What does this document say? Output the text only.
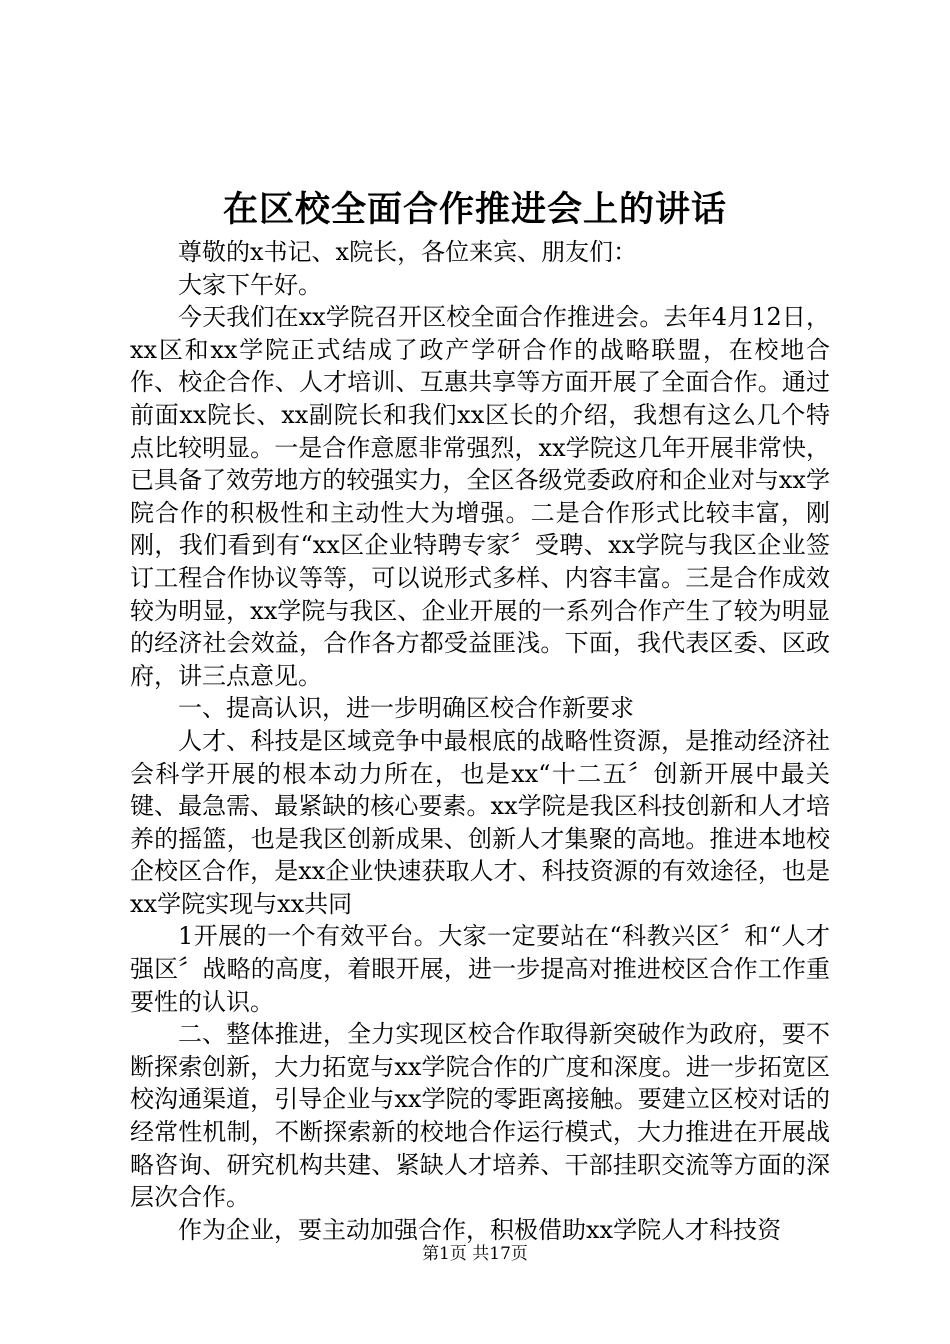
在区校全面合作推进会上的讲话

尊敬的x书记、x院长，各位来宾、朋友们：

大家下午好。

今天我们在xx学院召开区校全面合作推进会。去年4月12日，xx区和xx学院正式结成了政产学研合作的战略联盟，在校地合作、校企合作、人才培训、互惠共享等方面开展了全面合作。通过前面xx院长、xx副院长和我们xx区长的介绍，我想有这么几个特点比较明显。一是合作意愿非常强烈，xx学院这几年开展非常快，已具备了效劳地方的较强实力，全区各级党委政府和企业对与xx学院合作的积极性和主动性大为增强。二是合作形式比较丰富，刚刚，我们看到有“xx区企业特聘专家〞受聘、xx学院与我区企业签订工程合作协议等等，可以说形式多样、内容丰富。三是合作成效较为明显，xx学院与我区、企业开展的一系列合作产生了较为明显的经济社会效益，合作各方都受益匪浅。下面，我代表区委、区政府，讲三点意见。

一、提高认识，进一步明确区校合作新要求

人才、科技是区域竞争中最根底的战略性资源，是推动经济社会科学开展的根本动力所在，也是xx“十二五〞创新开展中最关键、最急需、最紧缺的核心要素。xx学院是我区科技创新和人才培养的摇篮，也是我区创新成果、创新人才集聚的高地。推进本地校企校区合作，是xx企业快速获取人才、科技资源的有效途径，也是xx学院实现与xx共同

1开展的一个有效平台。大家一定要站在“科教兴区〞和“人才强区〞战略的高度，着眼开展，进一步提高对推进校区合作工作重要性的认识。

二、整体推进，全力实现区校合作取得新突破作为政府，要不断探索创新，大力拓宽与xx学院合作的广度和深度。进一步拓宽区校沟通渠道，引导企业与xx学院的零距离接触。要建立区校对话的经常性机制，不断探索新的校地合作运行模式，大力推进在开展战略咨询、研究机构共建、紧缺人才培养、干部挂职交流等方面的深层次合作。

作为企业，要主动加强合作，积极借助xx学院人才科技资

第1页 共17页
